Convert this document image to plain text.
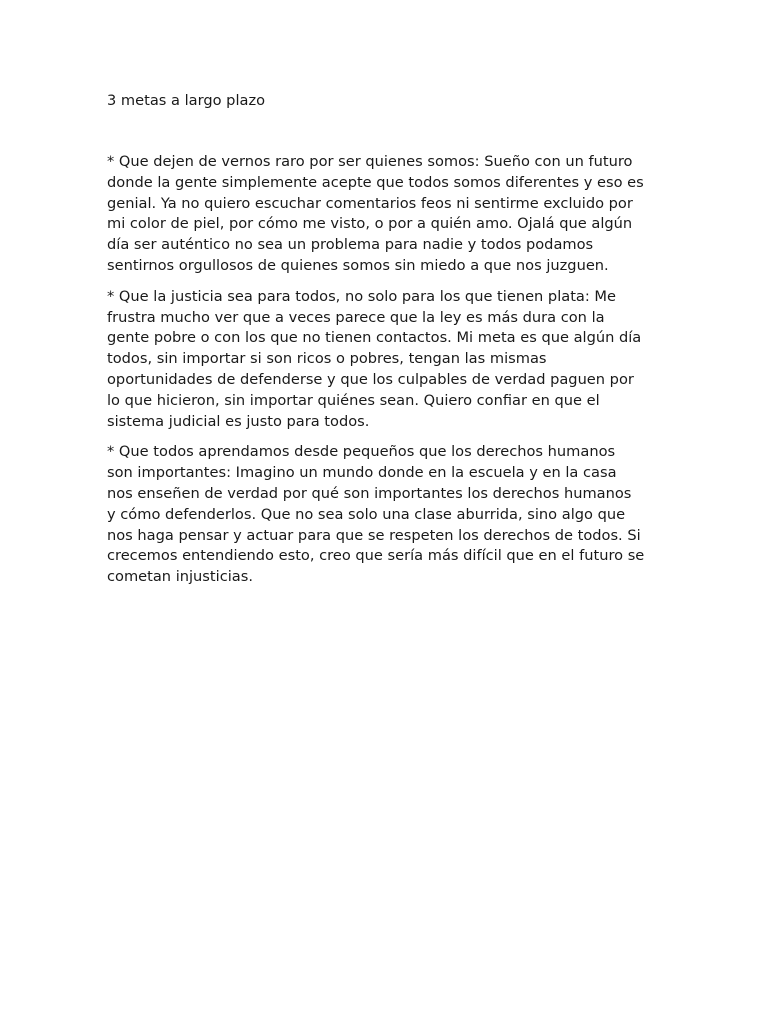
3 metas a largo plazo

* Que dejen de vernos raro por ser quienes somos: Sueño con un futuro
donde la gente simplemente acepte que todos somos diferentes y eso es
genial. Ya no quiero escuchar comentarios feos ni sentirme excluido por
mi color de piel, por cómo me visto, o por a quién amo. Ojalá que algún
día ser auténtico no sea un problema para nadie y todos podamos
sentirnos orgullosos de quienes somos sin miedo a que nos juzguen.

* Que la justicia sea para todos, no solo para los que tienen plata: Me
frustra mucho ver que a veces parece que la ley es más dura con la
gente pobre o con los que no tienen contactos. Mi meta es que algún día
todos, sin importar si son ricos o pobres, tengan las mismas
oportunidades de defenderse y que los culpables de verdad paguen por
lo que hicieron, sin importar quiénes sean. Quiero confiar en que el
sistema judicial es justo para todos.

* Que todos aprendamos desde pequeños que los derechos humanos
son importantes: Imagino un mundo donde en la escuela y en la casa
nos enseñen de verdad por qué son importantes los derechos humanos
y cómo defenderlos. Que no sea solo una clase aburrida, sino algo que
nos haga pensar y actuar para que se respeten los derechos de todos. Si
crecemos entendiendo esto, creo que sería más difícil que en el futuro se
cometan injusticias.
